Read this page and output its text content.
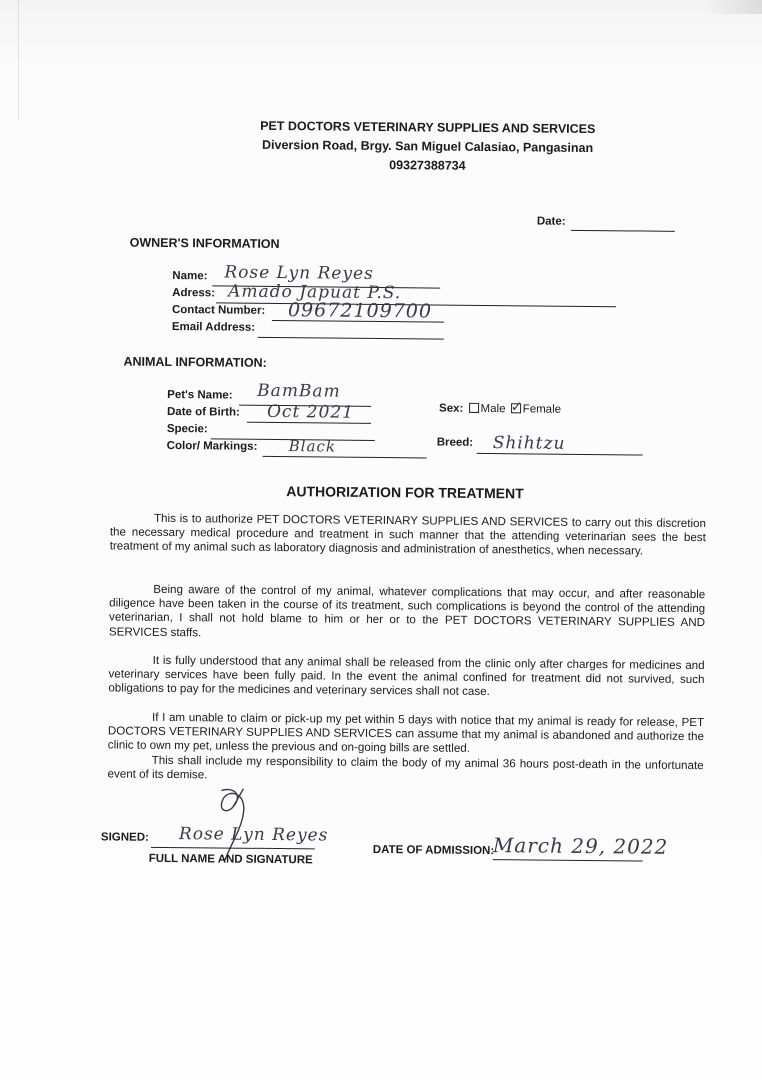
PET DOCTORS VETERINARY SUPPLIES AND SERVICES
Diversion Road, Brgy. San Miguel Calasiao, Pangasinan
09327388734
Date:
OWNER'S INFORMATION
Name: Rose Lyn Reyes
Adress: Amado Japuat P.S.
Contact Number: 09672109700
Email Address:
ANIMAL INFORMATION:
Pet's Name: BamBam
Date of Birth: Oct 2021
Specie:
Color/ Markings: Black
Sex: Male ✓ Female
Breed: Shihtzu
AUTHORIZATION FOR TREATMENT
This is to authorize PET DOCTORS VETERINARY SUPPLIES AND SERVICES to carry out this discretion the necessary medical procedure and treatment in such manner that the attending veterinarian sees the best treatment of my animal such as laboratory diagnosis and administration of anesthetics, when necessary.
Being aware of the control of my animal, whatever complications that may occur, and after reasonable diligence have been taken in the course of its treatment, such complications is beyond the control of the attending veterinarian, I shall not hold blame to him or her or to the PET DOCTORS VETERINARY SUPPLIES AND SERVICES staffs.
It is fully understood that any animal shall be released from the clinic only after charges for medicines and veterinary services have been fully paid. In the event the animal confined for treatment did not survived, such obligations to pay for the medicines and veterinary services shall not case.
If I am unable to claim or pick-up my pet within 5 days with notice that my animal is ready for release, PET DOCTORS VETERINARY SUPPLIES AND SERVICES can assume that my animal is abandoned and authorize the clinic to own my pet, unless the previous and on-going bills are settled.
This shall include my responsibility to claim the body of my animal 36 hours post-death in the unfortunate event of its demise.
SIGNED: Rose Lyn Reyes
FULL NAME AND SIGNATURE
DATE OF ADMISSION:
March 29, 2022
